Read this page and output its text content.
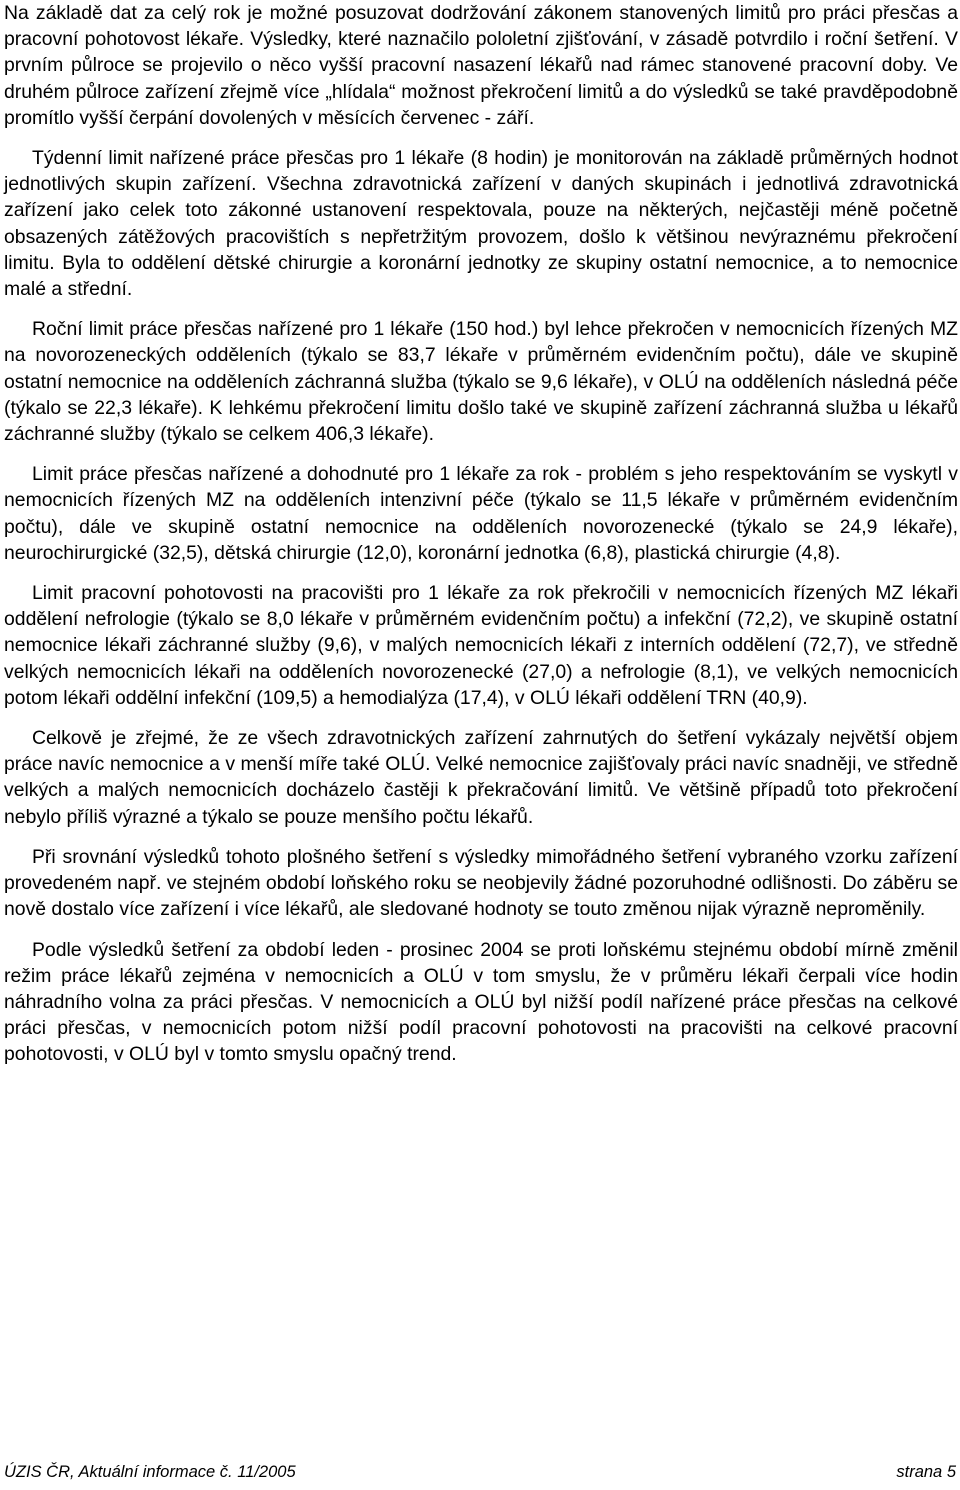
Na základě dat za celý rok je možné posuzovat dodržování zákonem stanovených limitů pro práci přesčas a pracovní pohotovost lékaře. Výsledky, které naznačilo pololetní zjišťování, v zásadě potvrdilo i roční šetření. V prvním půlroce se projevilo o něco vyšší pracovní nasazení lékařů nad rámec stanovené pracovní doby. Ve druhém půlroce zařízení zřejmě více „hlídala“ možnost překročení limitů a do výsledků se také pravděpodobně promítlo vyšší čerpání dovolených v měsících červenec - září.

Týdenní limit nařízené práce přesčas pro 1 lékaře (8 hodin) je monitorován na základě průměrných hodnot jednotlivých skupin zařízení. Všechna zdravotnická zařízení v daných skupinách i jednotlivá zdravotnická zařízení jako celek toto zákonné ustanovení respektovala, pouze na některých, nejčastěji méně početně obsazených zátěžových pracovištích s nepřetržitým provozem, došlo k většinou nevýraznému překročení limitu. Byla to oddělení dětské chirurgie a koronární jednotky ze skupiny ostatní nemocnice, a to nemocnice malé a střední.

Roční limit práce přesčas nařízené pro 1 lékaře (150 hod.) byl lehce překročen v nemocnicích řízených MZ na novorozeneckých odděleních (týkalo se 83,7 lékaře v průměrném evidenčním počtu), dále ve skupině ostatní nemocnice na odděleních záchranná služba (týkalo se 9,6 lékaře), v OLÚ na odděleních následná péče (týkalo se 22,3 lékaře). K lehkému překročení limitu došlo také ve skupině zařízení záchranná služba u lékařů záchranné služby (týkalo se celkem 406,3 lékaře).

Limit práce přesčas nařízené a dohodnuté pro 1 lékaře za rok - problém s jeho respektováním se vyskytl v nemocnicích řízených MZ na odděleních intenzivní péče (týkalo se 11,5 lékaře v průměrném evidenčním počtu), dále ve skupině ostatní nemocnice na odděleních novorozenecké (týkalo se 24,9 lékaře), neurochirurgické (32,5), dětská chirurgie (12,0), koronární jednotka (6,8), plastická chirurgie (4,8).

Limit pracovní pohotovosti na pracovišti pro 1 lékaře za rok překročili v nemocnicích řízených MZ lékaři oddělení nefrologie (týkalo se 8,0 lékaře v průměrném evidenčním počtu) a infekční (72,2), ve skupině ostatní nemocnice lékaři záchranné služby (9,6), v malých nemocnicích lékaři z interních oddělení (72,7), ve středně velkých nemocnicích lékaři na odděleních novorozenecké (27,0) a nefrologie (8,1), ve velkých nemocnicích potom lékaři oddělní infekční (109,5) a hemodialýza (17,4), v OLÚ lékaři oddělení TRN (40,9).

Celkově je zřejmé, že ze všech zdravotnických zařízení zahrnutých do šetření vykázaly největší objem práce navíc nemocnice a v menší míře také OLÚ. Velké nemocnice zajišťovaly práci navíc snadněji, ve středně velkých a malých nemocnicích docházelo častěji k překračování limitů. Ve většině případů toto překročení nebylo příliš výrazné a týkalo se pouze menšího počtu lékařů.

Při srovnání výsledků tohoto plošného šetření s výsledky mimořádného šetření vybraného vzorku zařízení provedeném např. ve stejném období loňského roku se neobjevily žádné pozoruhodné odlišnosti. Do záběru se nově dostalo více zařízení i více lékařů, ale sledované hodnoty se touto změnou nijak výrazně nepromĕnily.

Podle výsledků šetření za období leden - prosinec 2004 se proti loňskému stejnému období mírně změnil režim práce lékařů zejména v nemocnicích a OLÚ v tom smyslu, že v průměru lékaři čerpali více hodin náhradního volna za práci přesčas. V nemocnicích a OLÚ byl nižší podíl nařízené práce přesčas na celkové práci přesčas, v nemocnicích potom nižší podíl pracovní pohotovosti na pracovišti na celkové pracovní pohotovosti, v OLÚ byl v tomto smyslu opačný trend.

ÚZIS ČR, Aktuální informace č. 11/2005	strana 5
